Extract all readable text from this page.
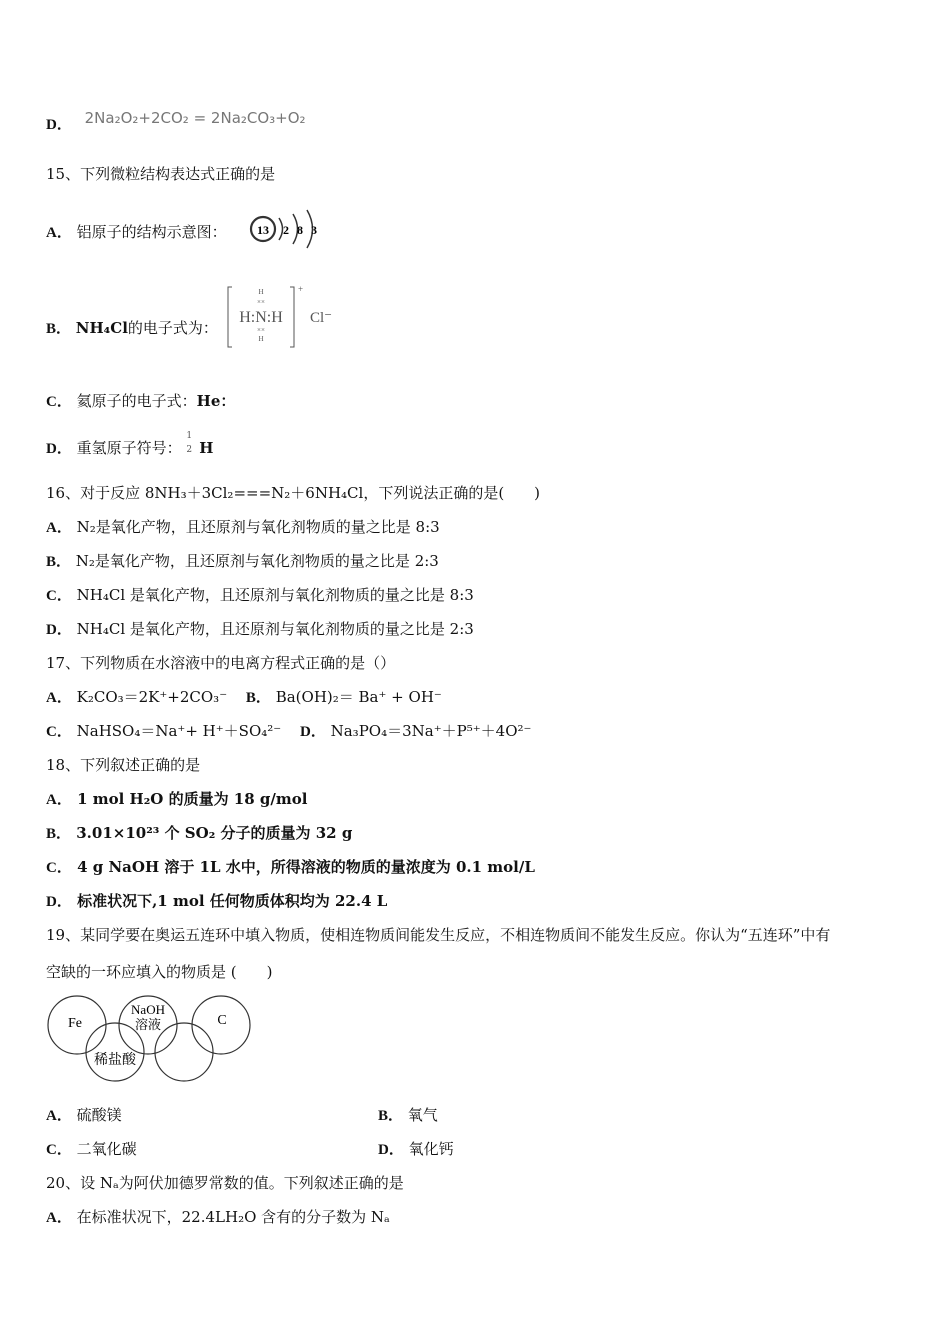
D． 2Na₂O₂+2CO₂ = 2Na₂CO₃+O₂
15、下列微粒结构表达式正确的是
A． 铝原子的结构示意图：	13 2 8 3
B． NH₄Cl的电子式为：
H
××
H:N:H
××
H
+
Cl⁻
C． 氦原子的电子式：He：
D． 重氢原子符号：
1
2 H
16、对于反应 8NH₃＋3Cl₂===N₂＋6NH₄Cl，下列说法正确的是(　　)
A． N₂是氧化产物，且还原剂与氧化剂物质的量之比是 8:3
B． N₂是氧化产物，且还原剂与氧化剂物质的量之比是 2:3
C． NH₄Cl 是氧化产物，且还原剂与氧化剂物质的量之比是 8:3
D． NH₄Cl 是氧化产物，且还原剂与氧化剂物质的量之比是 2:3
17、下列物质在水溶液中的电离方程式正确的是（）
A． K₂CO₃＝2K⁺+2CO₃⁻ B． Ba(OH)₂＝ Ba⁺ + OH⁻
C． NaHSO₄＝Na⁺+ H⁺＋SO₄²⁻ D． Na₃PO₄＝3Na⁺＋P⁵⁺＋4O²⁻
18、下列叙述正确的是
A． 1 mol H₂O 的质量为 18 g/mol
B． 3.01×10²³ 个 SO₂ 分子的质量为 32 g
C． 4 g NaOH 溶于 1L 水中，所得溶液的物质的量浓度为 0.1 mol/L
D． 标准状况下,1 mol 任何物质体积均为 22.4 L
19、某同学要在奥运五连环中填入物质，使相连物质间能发生反应，不相连物质间不能发生反应。你认为“五连环”中有
空缺的一环应填入的物质是 (　　)
Fe
NaOH
溶液	C
稀盐酸
A． 硫酸镁	B． 氧气
C． 二氧化碳	D． 氧化钙
20、设 Nₐ为阿伏加德罗常数的值。下列叙述正确的是
A． 在标准状况下，22.4LH₂O 含有的分子数为 Nₐ
